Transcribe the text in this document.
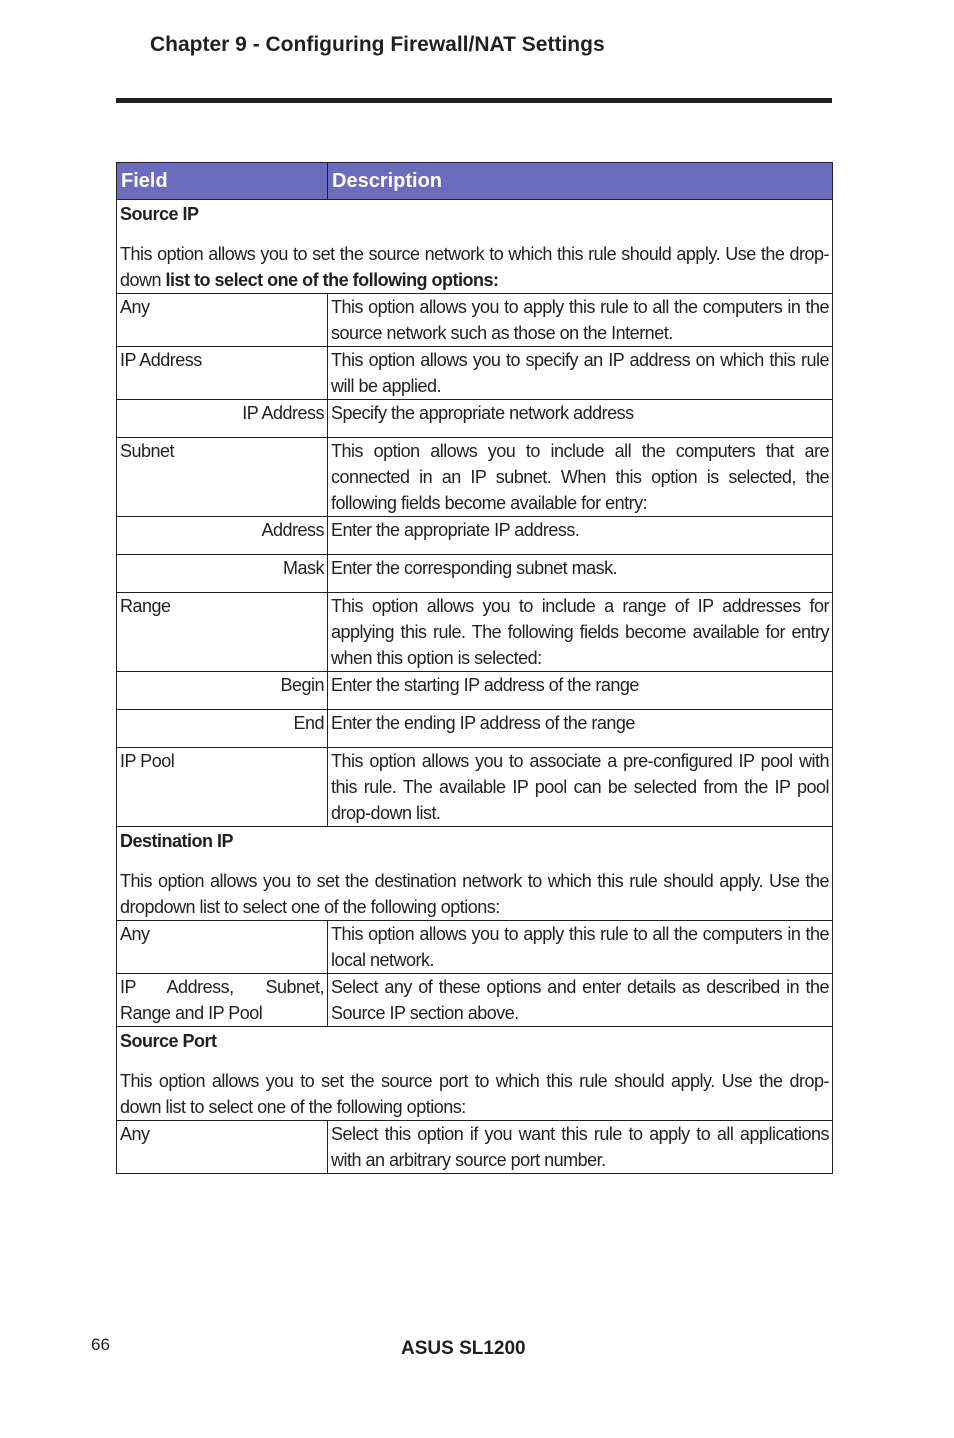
Chapter 9 - Configuring Firewall/NAT Settings
Field	Description

Source IP
This option allows you to set the source network to which this rule should apply. Use the drop-down list to select one of the following options:	

Any	This option allows you to apply this rule to all the computers in the source network such as those on the Internet.
IP Address	This option allows you to specify an IP address on which this rule will be applied.
IP Address	Specify the appropriate network address
Subnet	This option allows you to include all the computers that are connected in an IP subnet. When this option is selected, the following fields become available for entry:
Address	Enter the appropriate IP address.
Mask	Enter the corresponding subnet mask.
Range	This option allows you to include a range of IP addresses for applying this rule. The following fields become available for entry when this option is selected:
Begin	Enter the starting IP address of the range
End	Enter the ending IP address of the range
IP Pool	This option allows you to associate a pre-configured IP pool with this rule. The available IP pool can be selected from the IP pool drop-down list.

Destination IP
This option allows you to set the destination network to which this rule should apply. Use the dropdown list to select one of the following options:	

Any	This option allows you to apply this rule to all the computers in the local network.
IP Address, Subnet, Range and IP Pool	Select any of these options and enter details as described in the Source IP section above.

Source Port
This option allows you to set the source port to which this rule should apply. Use the drop-down list to select one of the following options:	

Any	Select this option if you want this rule to apply to all applications with an arbitrary source port number.
66	ASUS SL1200
